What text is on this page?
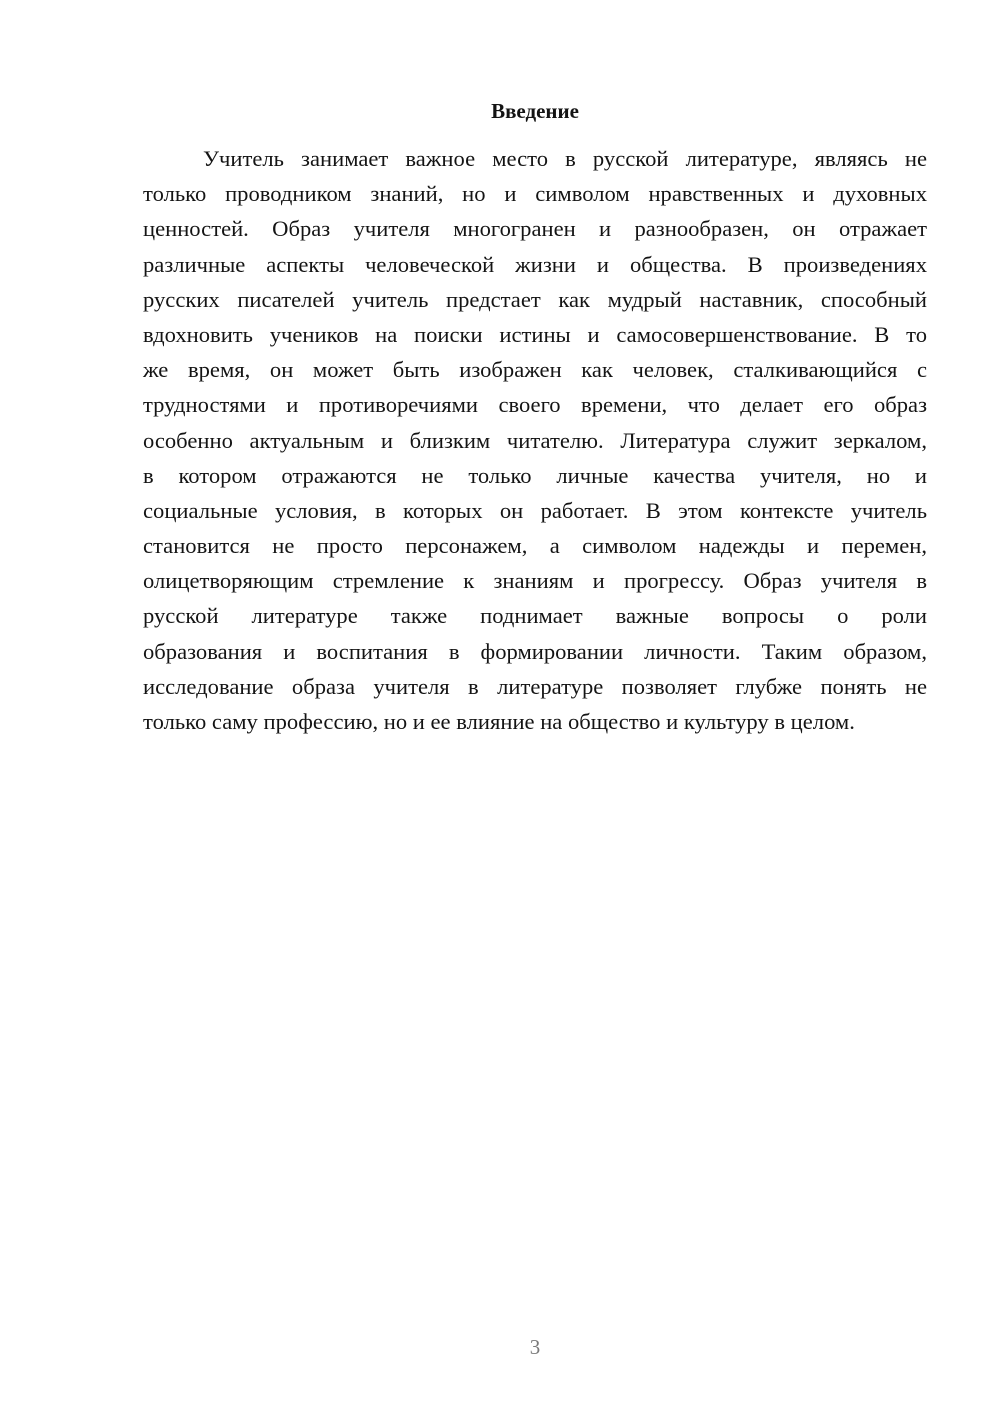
Введение
Учитель занимает важное место в русской литературе, являясь не
только проводником знаний, но и символом нравственных и духовных
ценностей. Образ учителя многогранен и разнообразен, он отражает
различные аспекты человеческой жизни и общества. В произведениях
русских писателей учитель предстает как мудрый наставник, способный
вдохновить учеников на поиски истины и самосовершенствование. В то
же время, он может быть изображен как человек, сталкивающийся с
трудностями и противоречиями своего времени, что делает его образ
особенно актуальным и близким читателю. Литература служит зеркалом,
в котором отражаются не только личные качества учителя, но и
социальные условия, в которых он работает. В этом контексте учитель
становится не просто персонажем, а символом надежды и перемен,
олицетворяющим стремление к знаниям и прогрессу. Образ учителя в
русской литературе также поднимает важные вопросы о роли
образования и воспитания в формировании личности. Таким образом,
исследование образа учителя в литературе позволяет глубже понять не
только саму профессию, но и ее влияние на общество и культуру в целом.
3
